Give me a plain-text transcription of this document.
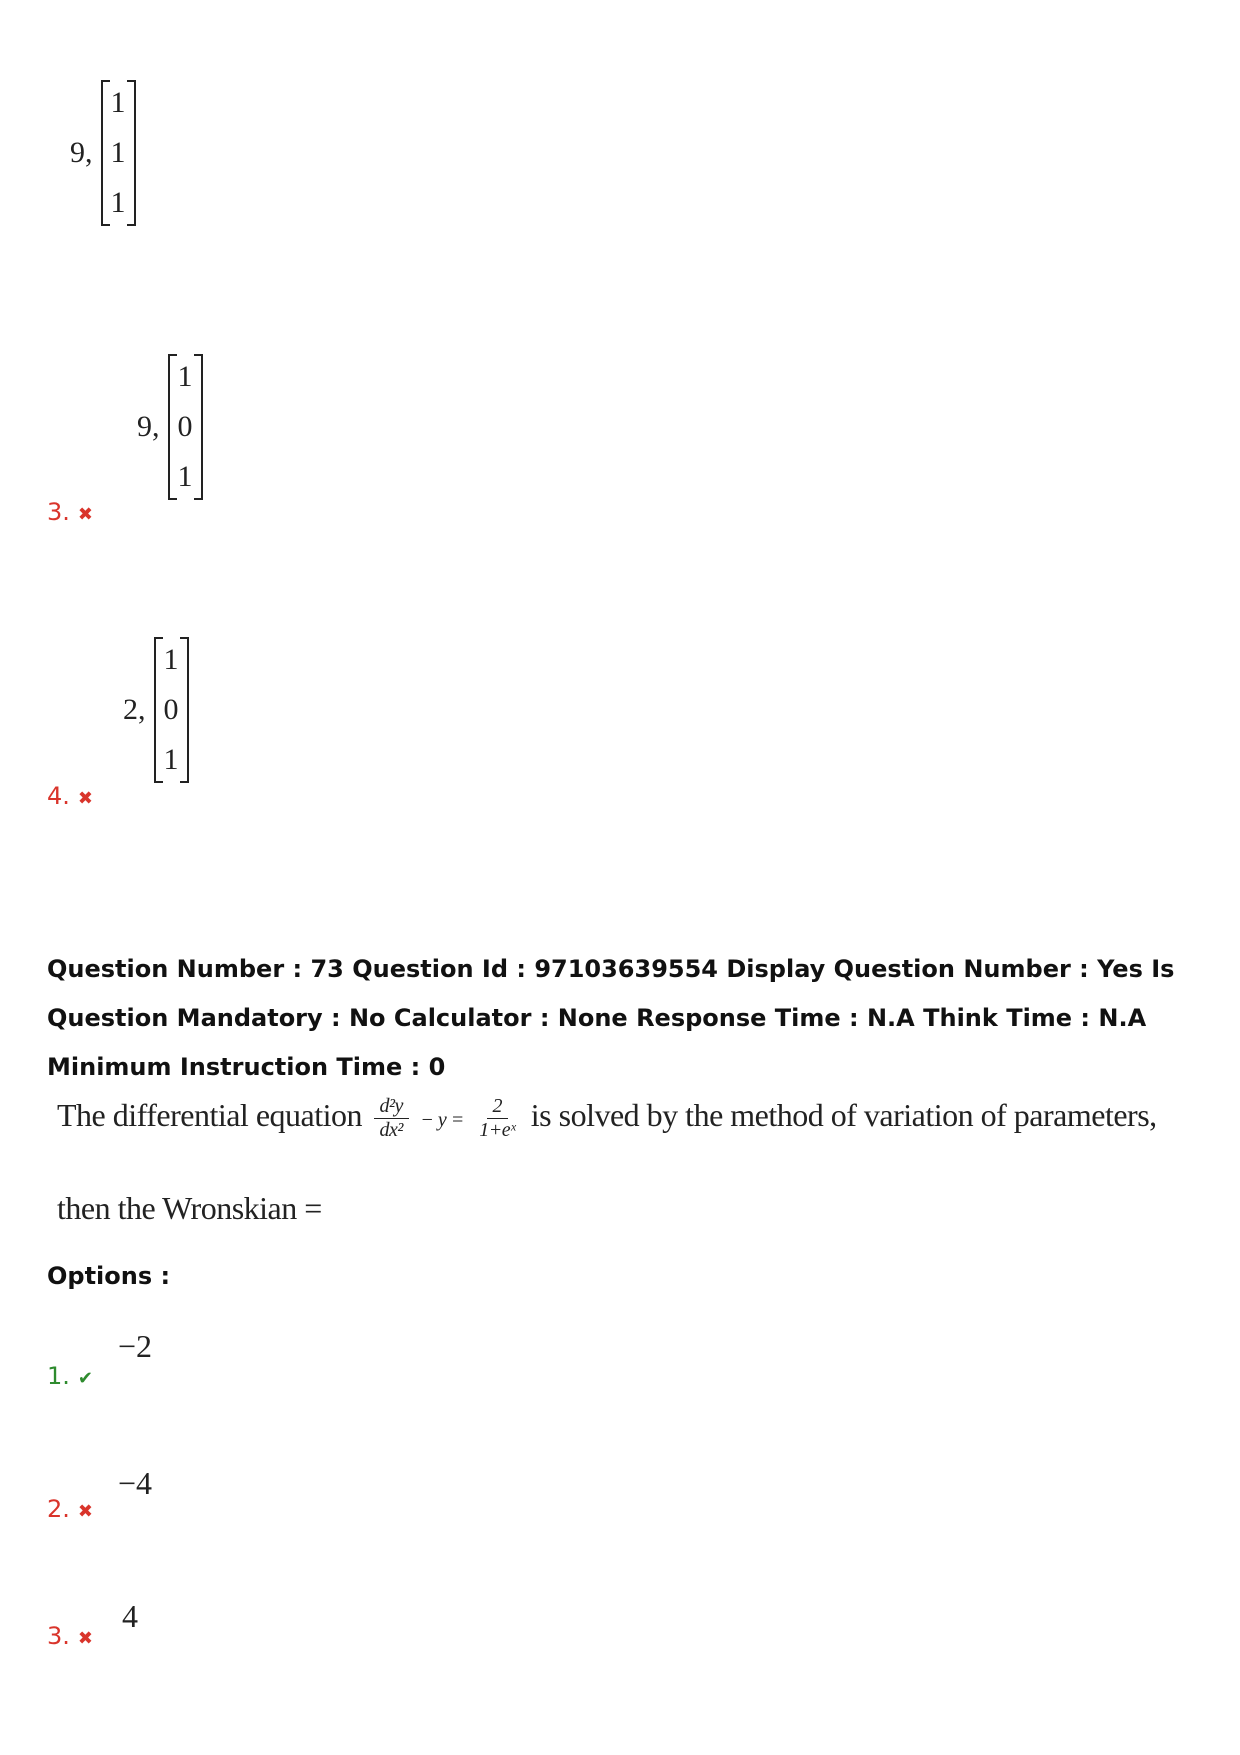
9,
1
1
1
3. ✖
9,
1
0
1
4. ✖
2,
1
0
1
Question Number : 73 Question Id : 97103639554 Display Question Number : Yes Is Question Mandatory : No Calculator : None Response Time : N.A Think Time : N.A Minimum Instruction Time : 0
The differential equation $\frac{\text{d²y}}{\text{dx²}} - y = \frac{2}{\text{1+eˣ}}$ is solved by the method of variation of parameters,
then the Wronskian =
Options :
1. ✔
−2
2. ✖
−4
3. ✖
4
